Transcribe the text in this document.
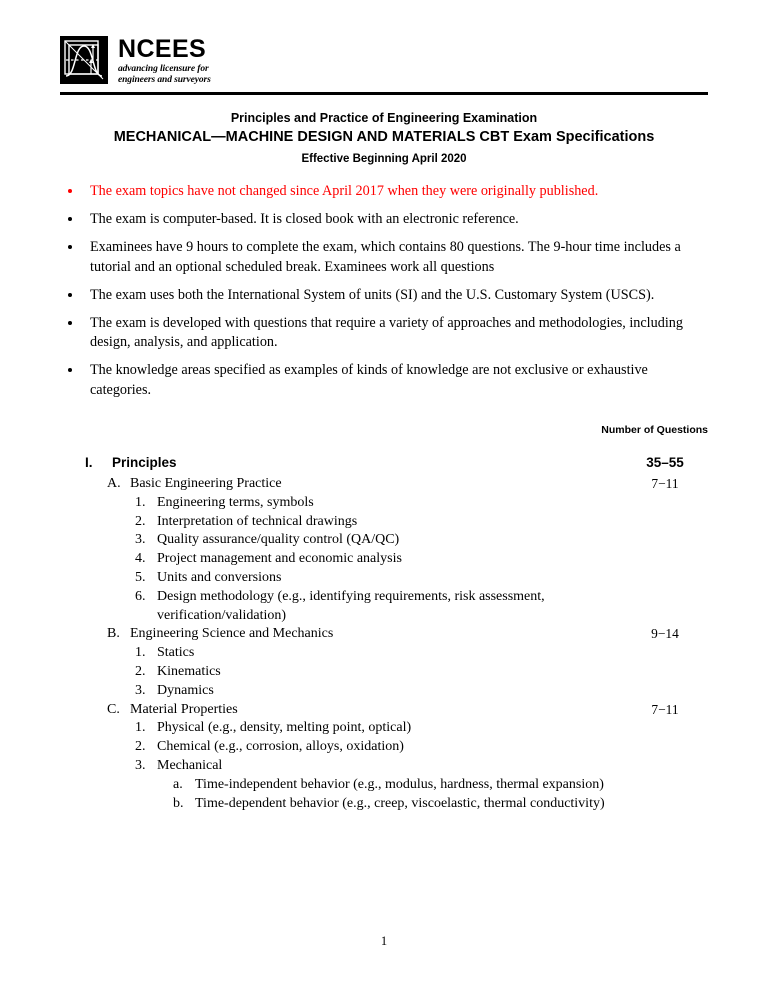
NCEES
advancing licensure for
engineers and surveyors
Principles and Practice of Engineering Examination
MECHANICAL—MACHINE DESIGN AND MATERIALS CBT Exam Specifications
Effective Beginning April 2020
The exam topics have not changed since April 2017 when they were originally published.
The exam is computer-based. It is closed book with an electronic reference.
Examinees have 9 hours to complete the exam, which contains 80 questions. The 9-hour time includes a tutorial and an optional scheduled break. Examinees work all questions
The exam uses both the International System of units (SI) and the U.S. Customary System (USCS).
The exam is developed with questions that require a variety of approaches and methodologies, including design, analysis, and application.
The knowledge areas specified as examples of kinds of knowledge are not exclusive or exhaustive categories.
Number of Questions
I.	Principles	35–55
A. Basic Engineering Practice	7−11
1. Engineering terms, symbols
2. Interpretation of technical drawings
3. Quality assurance/quality control (QA/QC)
4. Project management and economic analysis
5. Units and conversions
6. Design methodology (e.g., identifying requirements, risk assessment, verification/validation)
B. Engineering Science and Mechanics	9−14
1. Statics
2. Kinematics
3. Dynamics
C. Material Properties	7−11
1. Physical (e.g., density, melting point, optical)
2. Chemical (e.g., corrosion, alloys, oxidation)
3. Mechanical
a. Time-independent behavior (e.g., modulus, hardness, thermal expansion)
b. Time-dependent behavior (e.g., creep, viscoelastic, thermal conductivity)
1
